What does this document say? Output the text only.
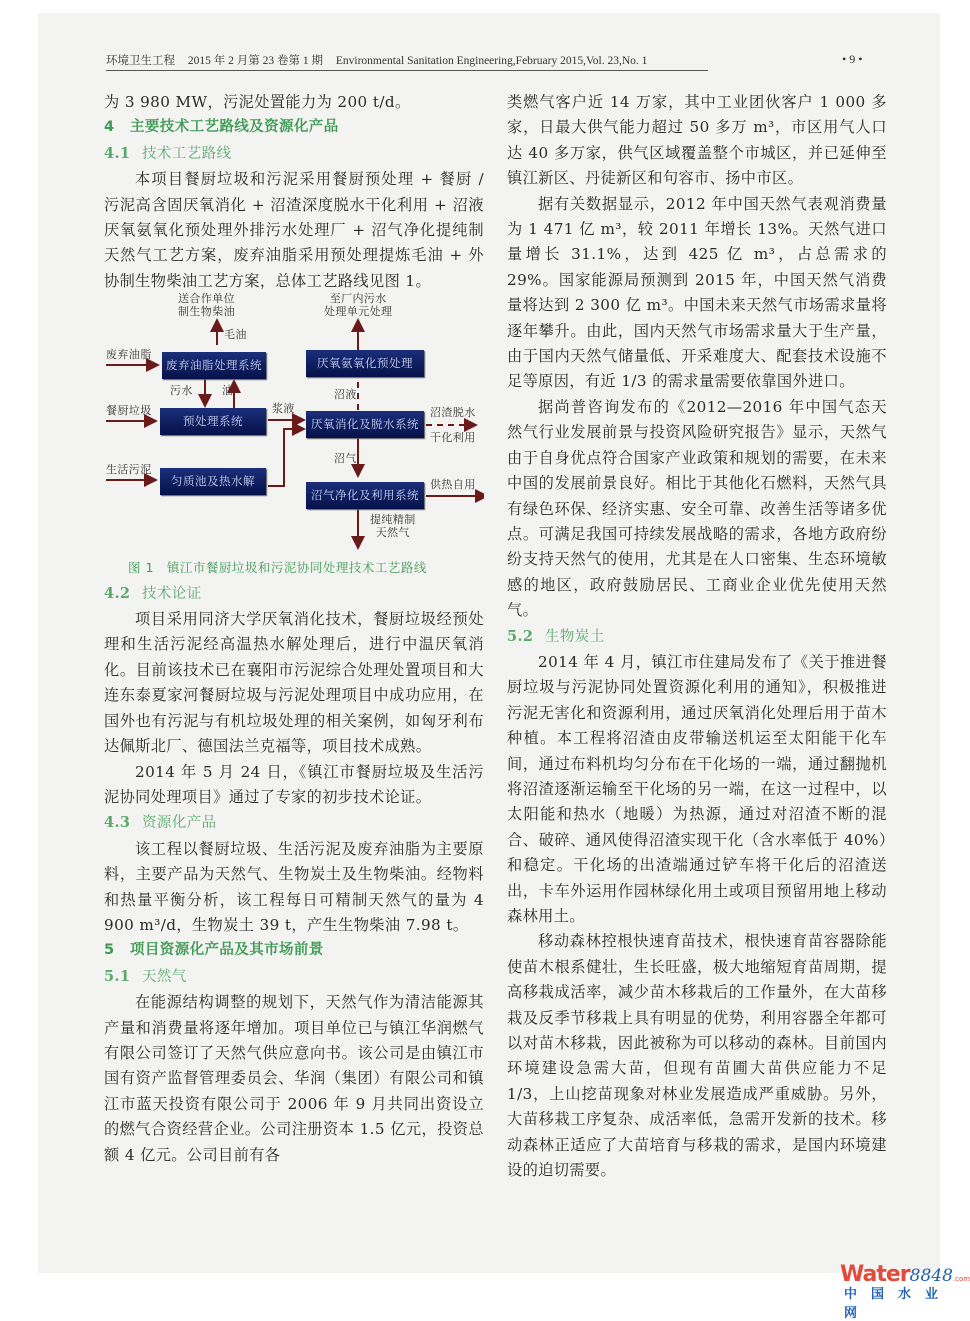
环境卫生工程 2015 年 2 月第 23 卷第 1 期 Environmental Sanitation Engineering,February 2015,Vol. 23,No. 1	• 9 •

为 3 980 MW，污泥处置能力为 200 t/d。

4 主要技术工艺路线及资源化产品

4.1 技术工艺路线

本项目餐厨垃圾和污泥采用餐厨预处理 + 餐厨 / 污泥高含固厌氧消化 + 沼渣深度脱水干化利用 + 沼液厌氧氨氧化预处理外排污水处理厂 + 沼气净化提纯制天然气工艺方案，废弃油脂采用预处理提炼毛油 + 外协制生物柴油工艺方案，总体工艺路线见图 1。

废弃油脂处理系统
预处理系统
匀质池及热水解
厌氧氨氧化预处理
厌氧消化及脱水系统
沼气净化及利用系统
送合作单位
制生物柴油
毛油
废弃油脂
污水	油
餐厨垃圾	浆液
生活污泥
至厂内污水
处理单元处理
沼液
沼渣脱水
干化利用
沼气
供热自用
提纯精制
天然气

图 1　镇江市餐厨垃圾和污泥协同处理技术工艺路线

4.2 技术论证

项目采用同济大学厌氧消化技术，餐厨垃圾经预处理和生活污泥经高温热水解处理后，进行中温厌氧消化。目前该技术已在襄阳市污泥综合处理处置项目和大连东泰夏家河餐厨垃圾与污泥处理项目中成功应用，在国外也有污泥与有机垃圾处理的相关案例，如匈牙利布达佩斯北厂、德国法兰克福等，项目技术成熟。

2014 年 5 月 24 日，《镇江市餐厨垃圾及生活污泥协同处理项目》通过了专家的初步技术论证。

4.3 资源化产品

该工程以餐厨垃圾、生活污泥及废弃油脂为主要原料，主要产品为天然气、生物炭土及生物柴油。经物料和热量平衡分析，该工程每日可精制天然气的量为 4 900 m³/d，生物炭土 39 t，产生生物柴油 7.98 t。

5 项目资源化产品及其市场前景

5.1 天然气

在能源结构调整的规划下，天然气作为清洁能源其产量和消费量将逐年增加。项目单位已与镇江华润燃气有限公司签订了天然气供应意向书。该公司是由镇江市国有资产监督管理委员会、华润（集团）有限公司和镇江市蓝天投资有限公司于 2006 年 9 月共同出资设立的燃气合资经营企业。公司注册资本 1.5 亿元，投资总额 4 亿元。公司目前有各

类燃气客户近 14 万家，其中工业团伙客户 1 000 多家，日最大供气能力超过 50 多万 m³，市区用气人口达 40 多万家，供气区域覆盖整个市城区，并已延伸至镇江新区、丹徒新区和句容市、扬中市区。

据有关数据显示，2012 年中国天然气表观消费量为 1 471 亿 m³，较 2011 年增长 13%。天然气进口量增长 31.1%，达到 425 亿 m³，占总需求的 29%。国家能源局预测到 2015 年，中国天然气消费量将达到 2 300 亿 m³。中国未来天然气市场需求量将逐年攀升。由此，国内天然气市场需求量大于生产量，由于国内天然气储量低、开采难度大、配套技术设施不足等原因，有近 1/3 的需求量需要依靠国外进口。

据尚普咨询发布的《2012—2016 年中国气态天然气行业发展前景与投资风险研究报告》显示，天然气由于自身优点符合国家产业政策和规划的需要，在未来中国的发展前景良好。相比于其他化石燃料，天然气具有绿色环保、经济实惠、安全可靠、改善生活等诸多优点。可满足我国可持续发展战略的需求，各地方政府纷纷支持天然气的使用，尤其是在人口密集、生态环境敏感的地区，政府鼓励居民、工商业企业优先使用天然气。

5.2 生物炭土

2014 年 4 月，镇江市住建局发布了《关于推进餐厨垃圾与污泥协同处置资源化利用的通知》，积极推进污泥无害化和资源利用，通过厌氧消化处理后用于苗木种植。本工程将沼渣由皮带输送机运至太阳能干化车间，通过布料机均匀分布在干化场的一端，通过翻抛机将沼渣逐渐运输至干化场的另一端，在这一过程中，以太阳能和热水（地暖）为热源，通过对沼渣不断的混合、破碎、通风使得沼渣实现干化（含水率低于 40%）和稳定。干化场的出渣端通过铲车将干化后的沼渣送出，卡车外运用作园林绿化用土或项目预留用地上移动森林用土。

移动森林控根快速育苗技术，根快速育苗容器除能使苗木根系健壮，生长旺盛，极大地缩短育苗周期，提高移栽成活率，减少苗木移栽后的工作量外，在大苗移栽及反季节移栽上具有明显的优势，利用容器全年都可以对苗木移栽，因此被称为可以移动的森林。目前国内环境建设急需大苗，但现有苗圃大苗供应能力不足 1/3，上山挖苗现象对林业发展造成严重威胁。另外，大苗移栽工序复杂、成活率低，急需开发新的技术。移动森林正适应了大苗培育与移栽的需求，是国内环境建设的迫切需要。

Water8848.com
中国水业网
